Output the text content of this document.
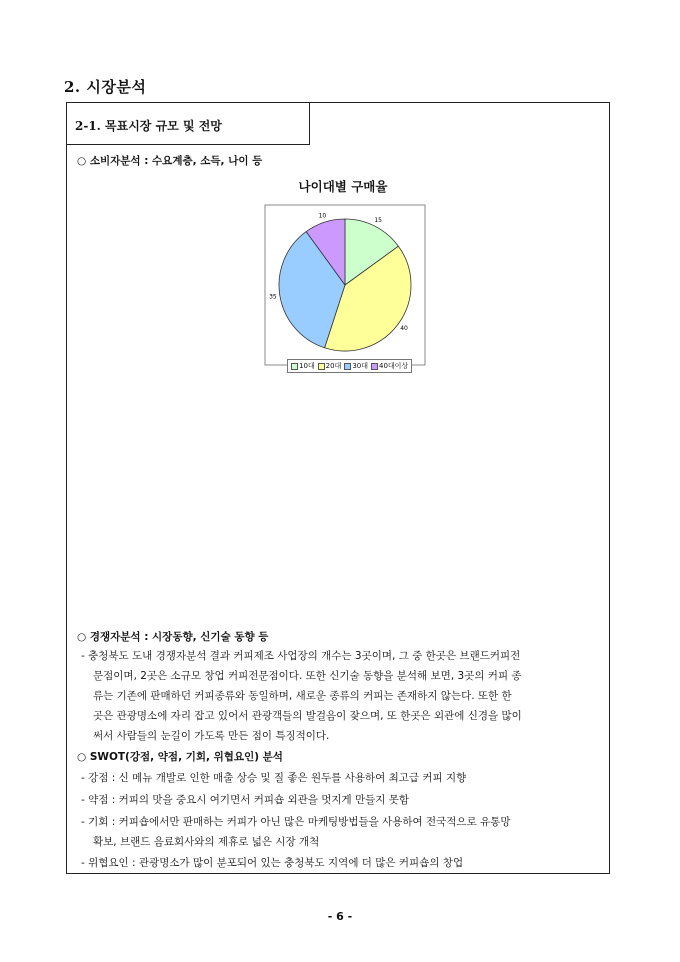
2. 시장분석
2-1. 목표시장 규모 및 전망
○ 소비자분석 : 수요계층, 소득, 나이 등
나이대별 구매율
15
40
35
10
10대	20대	30대	40대이상
○ 경쟁자분석 : 시장동향, 신기술 동향 등
- 충청북도 도내 경쟁자분석 결과 커피제조 사업장의 개수는 3곳이며, 그 중 한곳은 브랜드커피전
문점이며, 2곳은 소규모 창업 커피전문점이다. 또한 신기술 동향을 분석해 보면, 3곳의 커피 종
류는 기존에 판매하던 커피종류와 동일하며, 새로운 종류의 커피는 존재하지 않는다. 또한 한
곳은 관광명소에 자리 잡고 있어서 관광객들의 발걸음이 잦으며, 또 한곳은 외관에 신경을 많이
써서 사람들의 눈길이 가도록 만든 점이 특징적이다.
○ SWOT(강점, 약점, 기회, 위협요인) 분석
- 강점 : 신 메뉴 개발로 인한 매출 상승 및 질 좋은 원두를 사용하여 최고급 커피 지향
- 약점 : 커피의 맛을 중요시 여기면서 커피숍 외관을 멋지게 만들지 못함
- 기회 : 커피숍에서만 판매하는 커피가 아닌 많은 마케팅방법들을 사용하여 전국적으로 유통망
확보, 브랜드 음료회사와의 제휴로 넓은 시장 개척
- 위협요인 : 관광명소가 많이 분포되어 있는 충청북도 지역에 더 많은 커피숍의 창업
- 6 -
